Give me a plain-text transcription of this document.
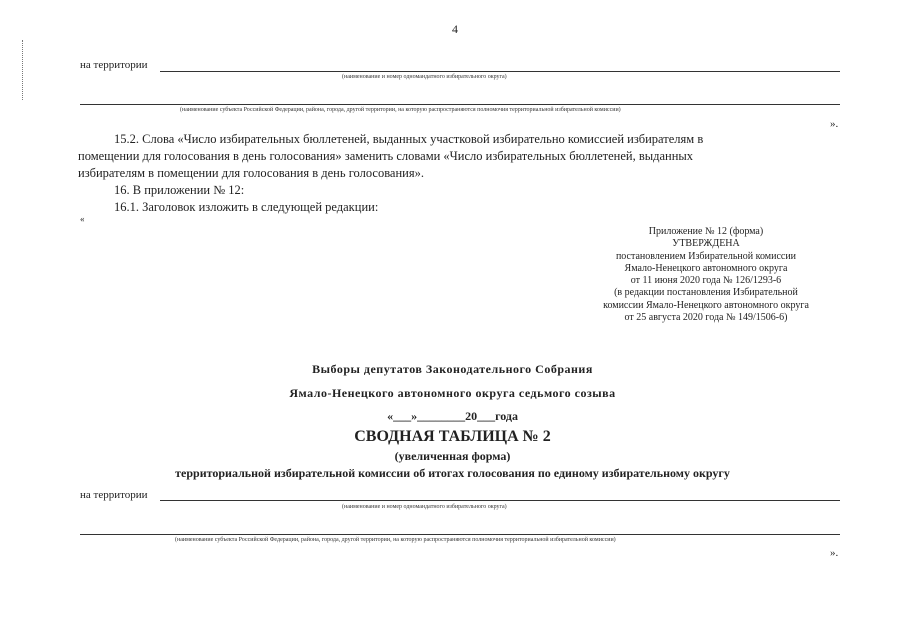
4
на территории
(наименование и номер одномандатного избирательного округа)
(наименование субъекта Российской Федерации, района, города, другой территории, на которую распространяются полномочия территориальной избирательной комиссии)
».
15.2. Слова «Число избирательных бюллетеней, выданных участковой избирательно комиссией избирателям в
помещении для голосования в день голосования» заменить словами «Число избирательных бюллетеней, выданных
избирателям в помещении для голосования в день голосования».
16. В приложении № 12:
16.1. Заголовок изложить в следующей редакции:
«
Приложение № 12 (форма)
УТВЕРЖДЕНА
постановлением Избирательной комиссии
Ямало-Ненецкого автономного округа
от 11 июня 2020 года № 126/1293-6
(в редакции постановления Избирательной
комиссии Ямало-Ненецкого автономного округа
от 25 августа 2020 года № 149/1506-6)
Выборы депутатов Законодательного Собрания
Ямало-Ненецкого автономного округа седьмого созыва
«___»________20___года
СВОДНАЯ ТАБЛИЦА № 2
(увеличенная форма)
территориальной избирательной комиссии об итогах голосования по единому избирательному округу
на территории
(наименование и номер одномандатного избирательного округа)
(наименование субъекта Российской Федерации, района, города, другой территории, на которую распространяются полномочия территориальной избирательной комиссии)
».
